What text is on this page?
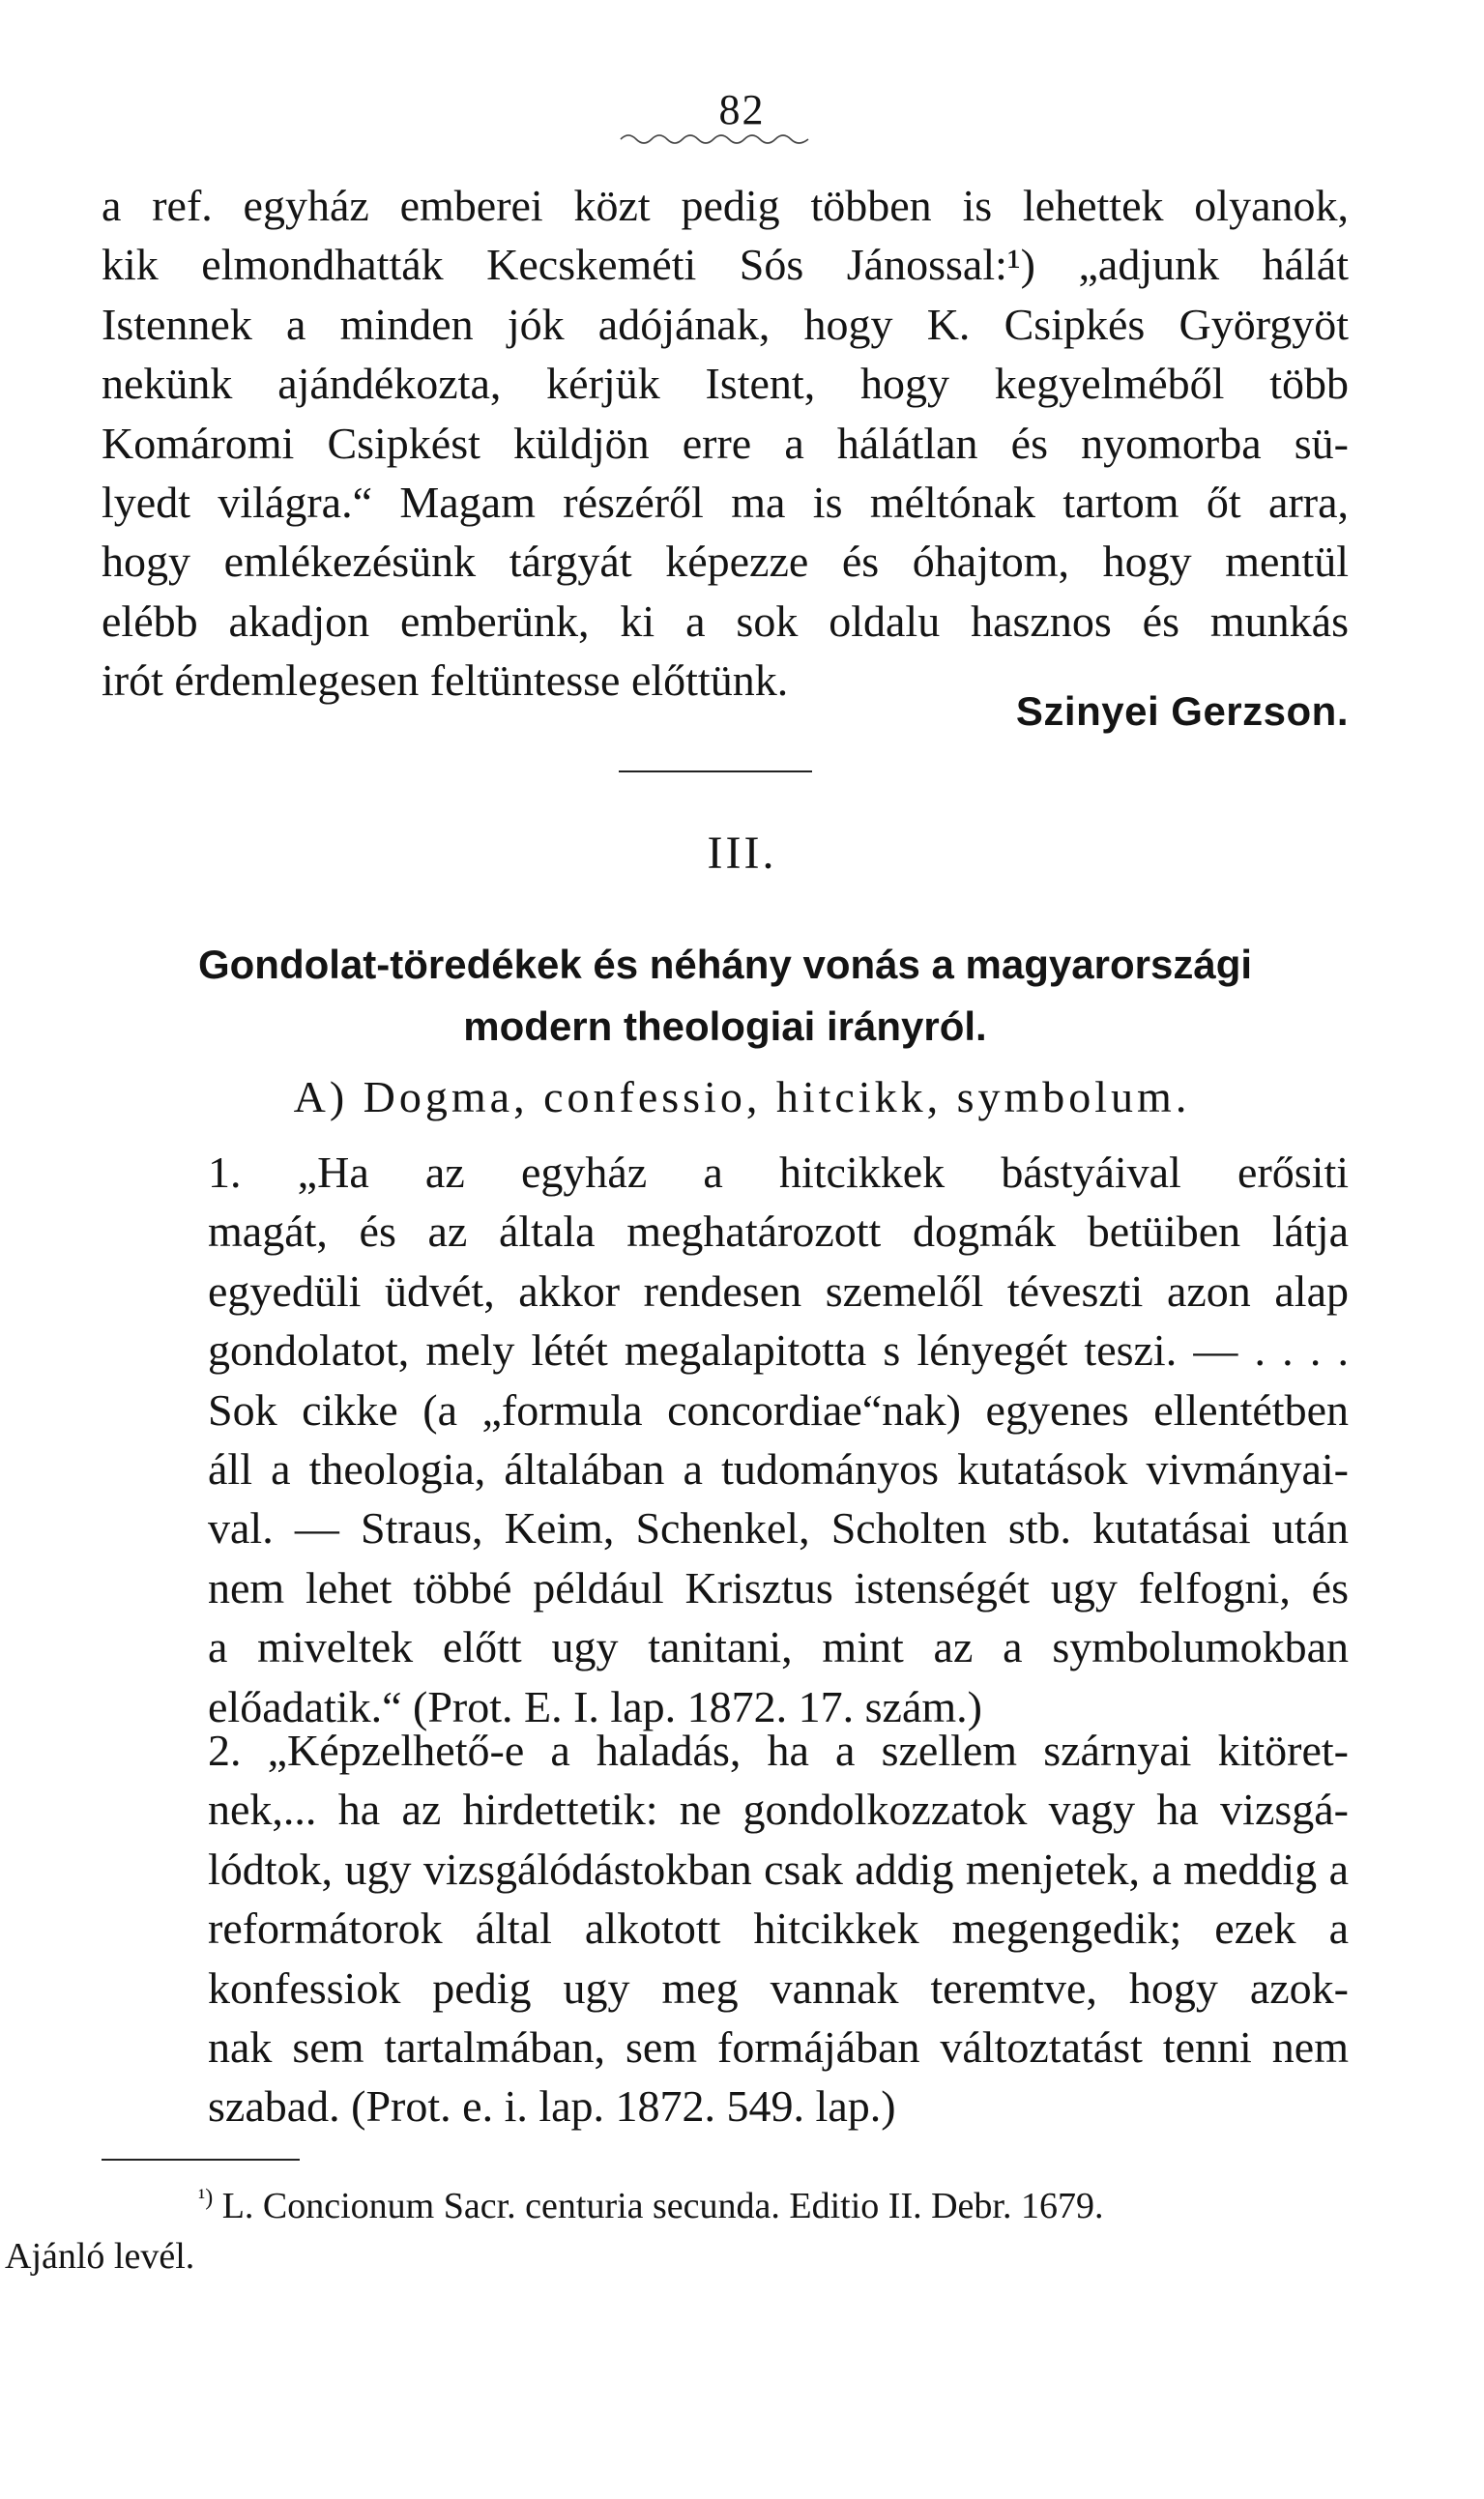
82
a ref. egyház emberei közt pedig többen is lehettek olyanok,
kik elmondhatták Kecskeméti Sós Jánossal:¹) „adjunk hálát
Istennek a minden jók adójának, hogy K. Csipkés Györgyöt
nekünk ajándékozta, kérjük Istent, hogy kegyelméből több
Komáromi Csipkést küldjön erre a hálátlan és nyomorba sü-
lyedt világra.“ Magam részéről ma is méltónak tartom őt arra,
hogy emlékezésünk tárgyát képezze és óhajtom, hogy mentül
elébb akadjon emberünk, ki a sok oldalu hasznos és munkás
irót érdemlegesen feltüntesse előttünk.
Szinyei Gerzson.
III.
Gondolat-töredékek és néhány vonás a magyarországi
modern theologiai irányról.
A) Dogma, confessio, hitcikk, symbolum.
1. „Ha az egyház a hitcikkek bástyáival erősiti
magát, és az általa meghatározott dogmák betüiben látja
egyedüli üdvét, akkor rendesen szemelől téveszti azon alap
gondolatot, mely létét megalapitotta s lényegét teszi. — . . . .
Sok cikke (a „formula concordiae“nak) egyenes ellentétben
áll a theologia, általában a tudományos kutatások vivmányai-
val. — Straus, Keim, Schenkel, Scholten stb. kutatásai után
nem lehet többé például Krisztus istenségét ugy felfogni, és
a miveltek előtt ugy tanitani, mint az a symbolumokban
előadatik.“ (Prot. E. I. lap. 1872. 17. szám.)
2. „Képzelhető-e a haladás, ha a szellem szárnyai kitöret-
nek,... ha az hirdettetik: ne gondolkozzatok vagy ha vizsgá-
lódtok, ugy vizsgálódástokban csak addig menjetek, a meddig a
reformátorok által alkotott hitcikkek megengedik; ezek a
konfessiok pedig ugy meg vannak teremtve, hogy azok-
nak sem tartalmában, sem formájában változtatást tenni nem
szabad. (Prot. e. i. lap. 1872. 549. lap.)
$^{^1)}$ L. Concionum Sacr. centuria secunda. Editio II. Debr. 1679.
Ajánló levél.
